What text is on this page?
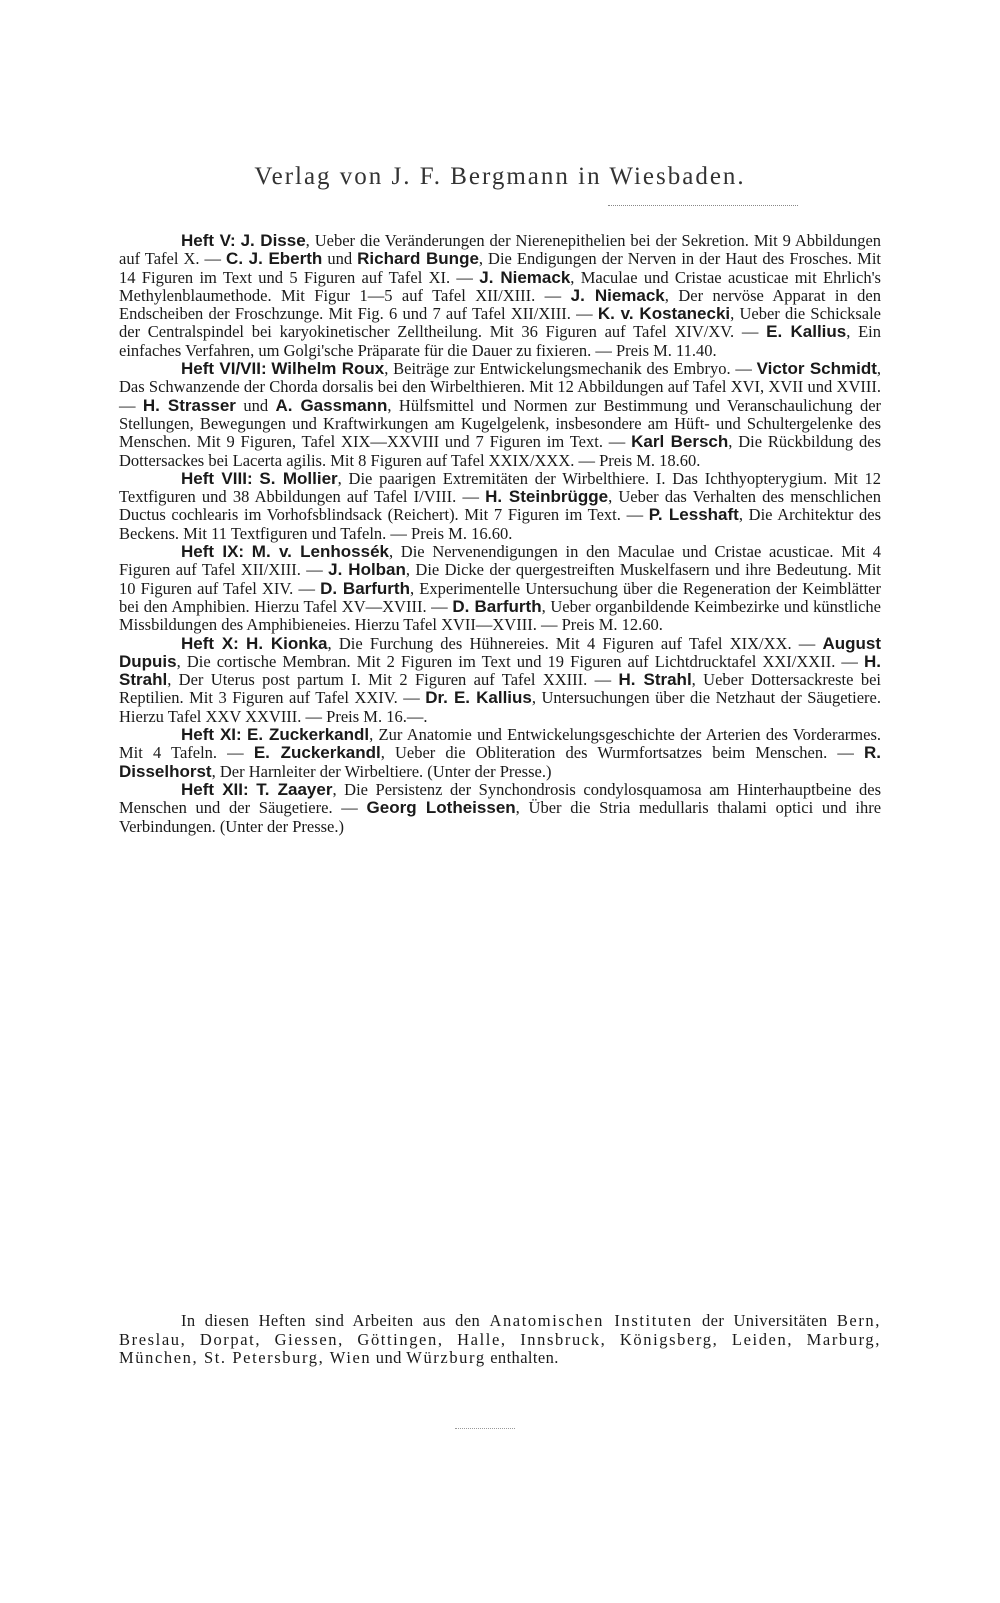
Verlag von J. F. Bergmann in Wiesbaden.

Heft V: J. Disse, Ueber die Veränderungen der Nierenepithelien bei der Sekretion. Mit 9 Abbildungen auf Tafel X. — C. J. Eberth und Richard Bunge, Die Endigungen der Nerven in der Haut des Frosches. Mit 14 Figuren im Text und 5 Figuren auf Tafel XI. — J. Niemack, Maculae und Cristae acusticae mit Ehrlich's Methylenblaumethode. Mit Figur 1—5 auf Tafel XII/XIII. — J. Niemack, Der nervöse Apparat in den Endscheiben der Froschzunge. Mit Fig. 6 und 7 auf Tafel XII/XIII. — K. v. Kostanecki, Ueber die Schicksale der Centralspindel bei karyokinetischer Zelltheilung. Mit 36 Figuren auf Tafel XIV/XV. — E. Kallius, Ein einfaches Verfahren, um Golgi'sche Präparate für die Dauer zu fixieren. — Preis M. 11.40.

Heft VI/VII: Wilhelm Roux, Beiträge zur Entwickelungsmechanik des Embryo. — Victor Schmidt, Das Schwanzende der Chorda dorsalis bei den Wirbelthieren. Mit 12 Abbildungen auf Tafel XVI, XVII und XVIII. — H. Strasser und A. Gassmann, Hülfsmittel und Normen zur Bestimmung und Veranschaulichung der Stellungen, Bewegungen und Kraftwirkungen am Kugelgelenk, insbesondere am Hüft- und Schultergelenke des Menschen. Mit 9 Figuren, Tafel XIX—XXVIII und 7 Figuren im Text. — Karl Bersch, Die Rückbildung des Dottersackes bei Lacerta agilis. Mit 8 Figuren auf Tafel XXIX/XXX. — Preis M. 18.60.

Heft VIII: S. Mollier, Die paarigen Extremitäten der Wirbelthiere. I. Das Ichthyopterygium. Mit 12 Textfiguren und 38 Abbildungen auf Tafel I/VIII. — H. Steinbrügge, Ueber das Verhalten des menschlichen Ductus cochlearis im Vorhofsblindsack (Reichert). Mit 7 Figuren im Text. — P. Lesshaft, Die Architektur des Beckens. Mit 11 Textfiguren und Tafeln. — Preis M. 16.60.

Heft IX: M. v. Lenhossék, Die Nervenendigungen in den Maculae und Cristae acusticae. Mit 4 Figuren auf Tafel XII/XIII. — J. Holban, Die Dicke der quergestreiften Muskelfasern und ihre Bedeutung. Mit 10 Figuren auf Tafel XIV. — D. Barfurth, Experimentelle Untersuchung über die Regeneration der Keimblätter bei den Amphibien. Hierzu Tafel XV—XVIII. — D. Barfurth, Ueber organbildende Keimbezirke und künstliche Missbildungen des Amphibieneies. Hierzu Tafel XVII—XVIII. — Preis M. 12.60.

Heft X: H. Kionka, Die Furchung des Hühnereies. Mit 4 Figuren auf Tafel XIX/XX. — August Dupuis, Die cortische Membran. Mit 2 Figuren im Text und 19 Figuren auf Lichtdrucktafel XXI/XXII. — H. Strahl, Der Uterus post partum I. Mit 2 Figuren auf Tafel XXIII. — H. Strahl, Ueber Dottersackreste bei Reptilien. Mit 3 Figuren auf Tafel XXIV. — Dr. E. Kallius, Untersuchungen über die Netzhaut der Säugetiere. Hierzu Tafel XXV XXVIII. — Preis M. 16.—.

Heft XI: E. Zuckerkandl, Zur Anatomie und Entwickelungsgeschichte der Arterien des Vorderarmes. Mit 4 Tafeln. — E. Zuckerkandl, Ueber die Obliteration des Wurmfortsatzes beim Menschen. — R. Disselhorst, Der Harnleiter der Wirbeltiere. (Unter der Presse.)

Heft XII: T. Zaayer, Die Persistenz der Synchondrosis condylosquamosa am Hinterhauptbeine des Menschen und der Säugetiere. — Georg Lotheissen, Über die Stria medullaris thalami optici und ihre Verbindungen. (Unter der Presse.)

In diesen Heften sind Arbeiten aus den Anatomischen Instituten der Universitäten Bern, Breslau, Dorpat, Giessen, Göttingen, Halle, Innsbruck, Königsberg, Leiden, Marburg, München, St. Petersburg, Wien und Würzburg enthalten.
